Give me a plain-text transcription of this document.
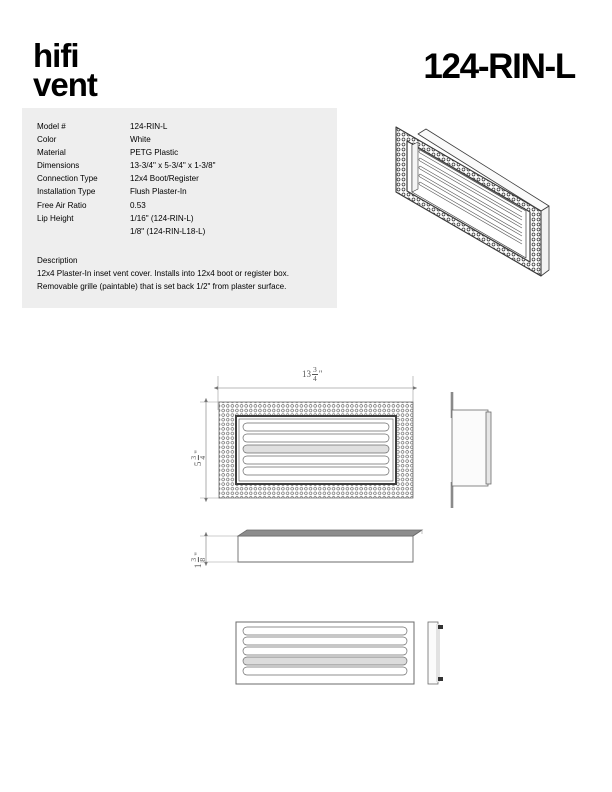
hifi
vent	124-RIN-L
Model #	124-RIN-L
Color	White
Material	PETG Plastic
Dimensions	13-3/4" x 5-3/4" x 1-3/8"
Connection Type	12x4 Boot/Register
Installation Type	Flush Plaster-In
Free Air Ratio	0.53
Lip Height	1/16" (124-RIN-L)
1/8" (124-RIN-L18-L)
Description
12x4 Plaster-In inset vent cover. Installs into 12x4 boot or register box.
Removable grille (paintable) that is set back 1/2" from plaster surface.
$13 \frac{3}{4}$ "
5
3 4
"
1
3 8
"
